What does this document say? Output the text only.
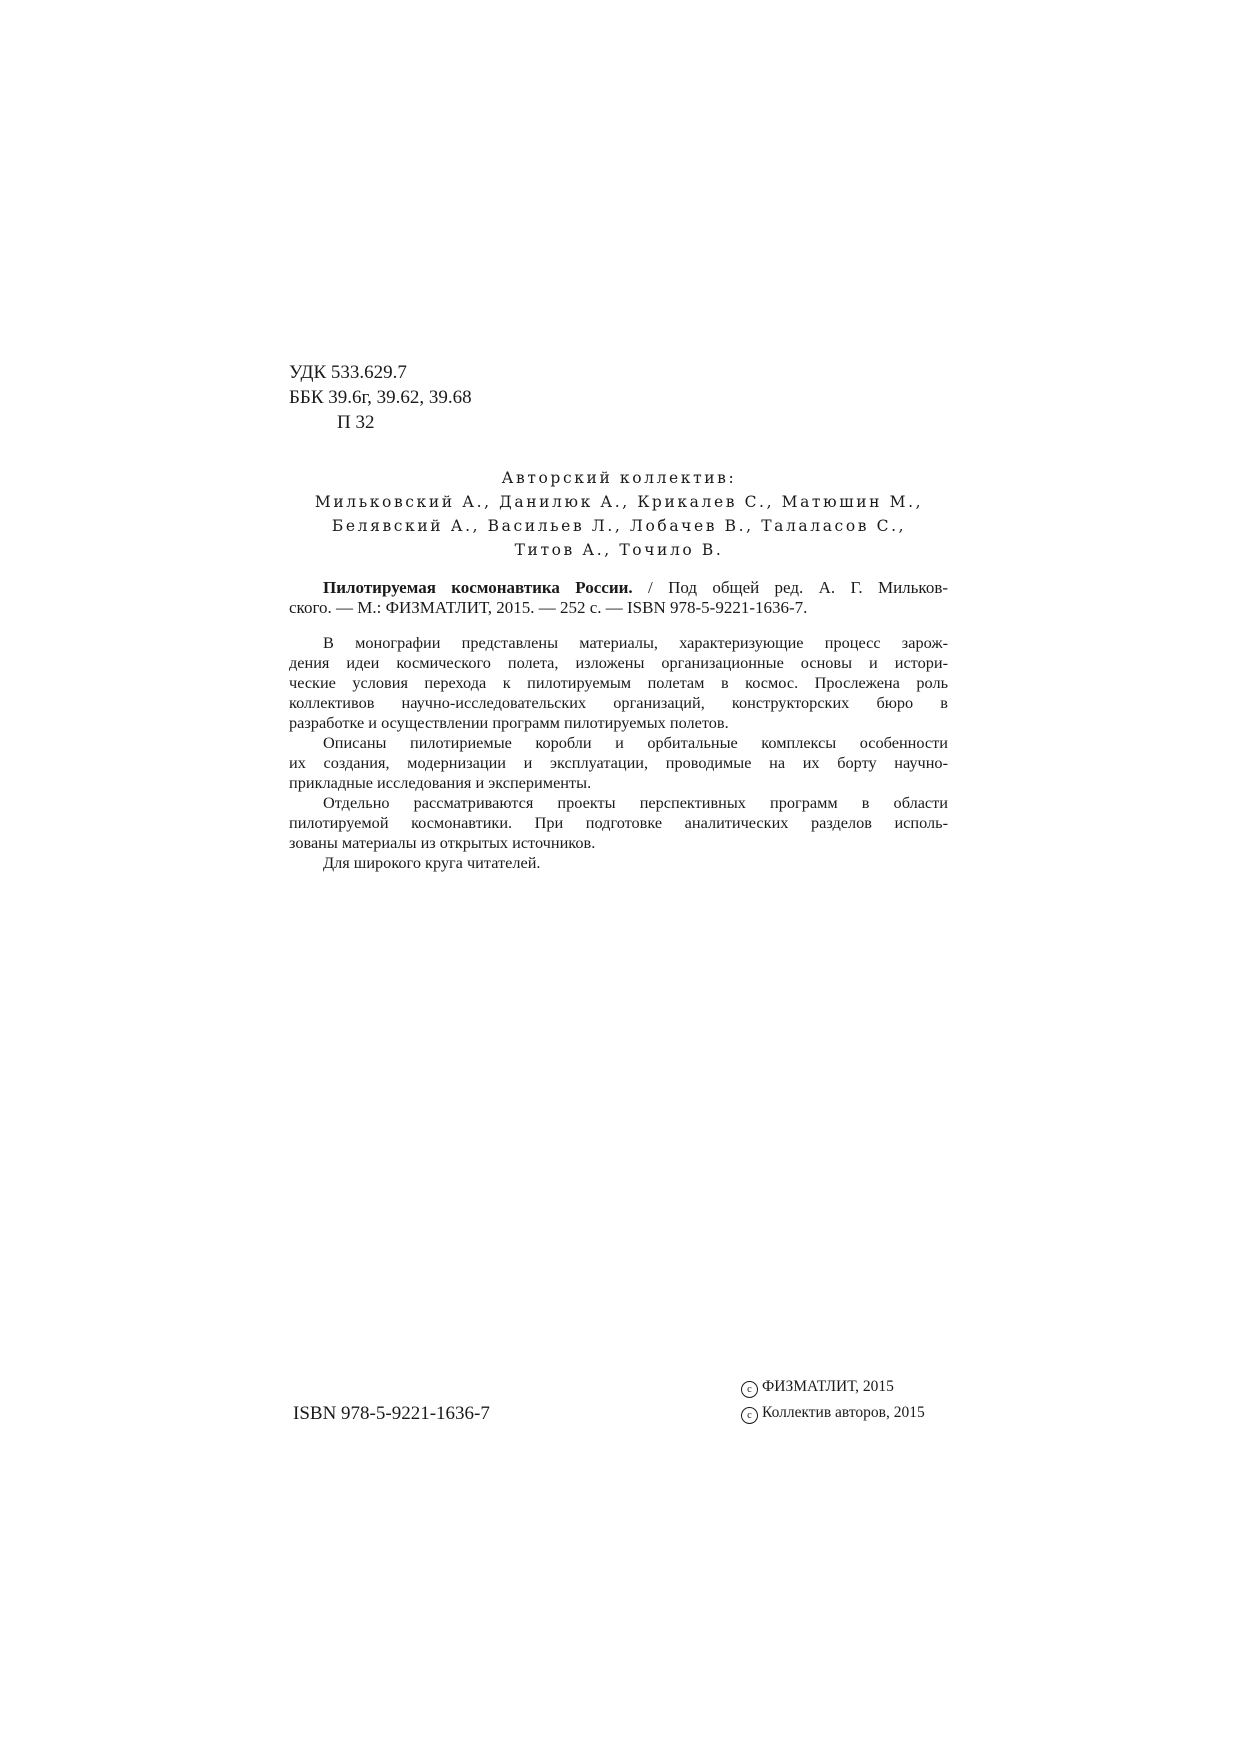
УДК 533.629.7
ББК 39.6г, 39.62, 39.68
П 32
Авторский коллектив:
Мильковский А., Данилюк А., Крикалев С., Матюшин М.,
Белявский А., Васильев Л., Лобачев В., Талаласов С.,
Титов А., Точило В.
Пилотируемая космонавтика России. / Под общей ред. А. Г. Мильков-
ского. — М.: ФИЗМАТЛИТ, 2015. — 252 с. — ISBN 978-5-9221-1636-7.
В монографии представлены материалы, характеризующие процесс зарож-
дения идеи космического полета, изложены организационные основы и истори-
ческие условия перехода к пилотируемым полетам в космос. Прослежена роль
коллективов научно-исследовательских организаций, конструкторских бюро в
разработке и осуществлении программ пилотируемых полетов.
Описаны пилотириемые коробли и орбитальные комплексы особенности
их создания, модернизации и эксплуатации, проводимые на их борту научно-
прикладные исследования и эксперименты.
Отдельно рассматриваются проекты перспективных программ в области
пилотируемой космонавтики. При подготовке аналитических разделов исполь-
зованы материалы из открытых источников.
Для широкого круга читателей.
ISBN 978-5-9221-1636-7
c ФИЗМАТЛИТ, 2015
c Коллектив авторов, 2015
